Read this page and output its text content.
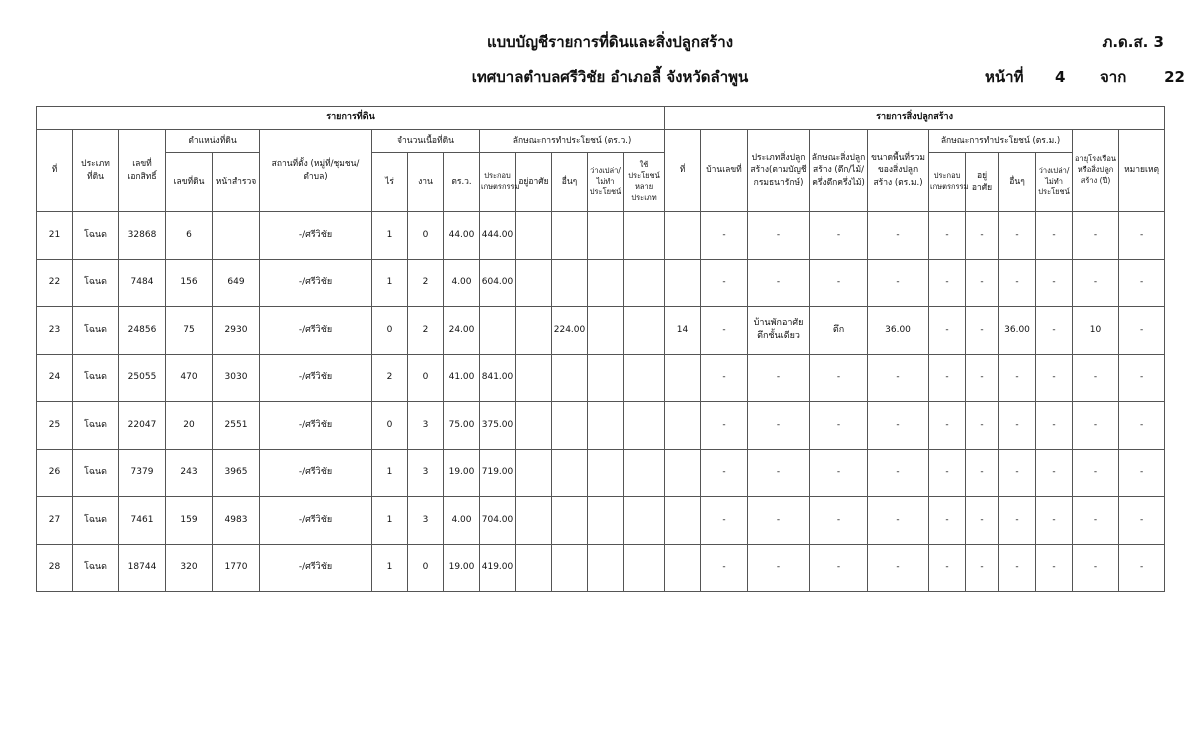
แบบบัญชีรายการที่ดินและสิ่งปลูกสร้าง	ภ.ด.ส. 3
เทศบาลตำบลศรีวิชัย อำเภอลี้ จังหวัดลำพูน	หน้าที่ 4 จาก	22
รายการที่ดิน														รายการสิ่งปลูกสร้าง										
ที่	ประเภทที่ดิน	เลขที่เอกสิทธิ์	ตำแหน่งที่ดิน		สถานที่ตั้ง (หมู่ที่/ชุมชน/ตำบล)	จำนวนเนื้อที่ดิน			ลักษณะการทำประโยชน์ (ตร.ว.)					ที่	บ้านเลขที่	ประเภทสิ่งปลูกสร้าง(ตามบัญชีกรมธนารักษ์)	ลักษณะสิ่งปลูกสร้าง (ตึก/ไม้/ครึ่งตึกครึ่งไม้)	ขนาดพื้นที่รวมของสิ่งปลูกสร้าง (ตร.ม.)	ลักษณะการทำประโยชน์ (ตร.ม.)				อายุโรงเรือนหรือสิ่งปลูกสร้าง (ปี)	หมายเหตุ
			เลขที่ดิน	หน้าสำรวจ		ไร่	งาน	ตร.ว.	ประกอบเกษตรกรรม	อยู่อาศัย	อื่นๆ	ว่างเปล่า/ไม่ทำประโยชน์	ใช้ประโยชน์หลายประเภท						ประกอบเกษตรกรรม	อยู่อาศัย	อื่นๆ	ว่างเปล่า/ไม่ทำประโยชน์		
21	โฉนด	32868	6		-/ศรีวิชัย	1	0	44.00	444.00						-	-	-	-	-	-	-	-	-	-
22	โฉนด	7484	156	649	-/ศรีวิชัย	1	2	4.00	604.00						-	-	-	-	-	-	-	-	-	-
23	โฉนด	24856	75	2930	-/ศรีวิชัย	0	2	24.00			224.00			14	-	บ้านพักอาศัยตึกชั้นเดียว	ตึก	36.00	-	-	36.00	-	10	-
24	โฉนด	25055	470	3030	-/ศรีวิชัย	2	0	41.00	841.00						-	-	-	-	-	-	-	-	-	-
25	โฉนด	22047	20	2551	-/ศรีวิชัย	0	3	75.00	375.00						-	-	-	-	-	-	-	-	-	-
26	โฉนด	7379	243	3965	-/ศรีวิชัย	1	3	19.00	719.00						-	-	-	-	-	-	-	-	-	-
27	โฉนด	7461	159	4983	-/ศรีวิชัย	1	3	4.00	704.00						-	-	-	-	-	-	-	-	-	-
28	โฉนด	18744	320	1770	-/ศรีวิชัย	1	0	19.00	419.00						-	-	-	-	-	-	-	-	-	-
